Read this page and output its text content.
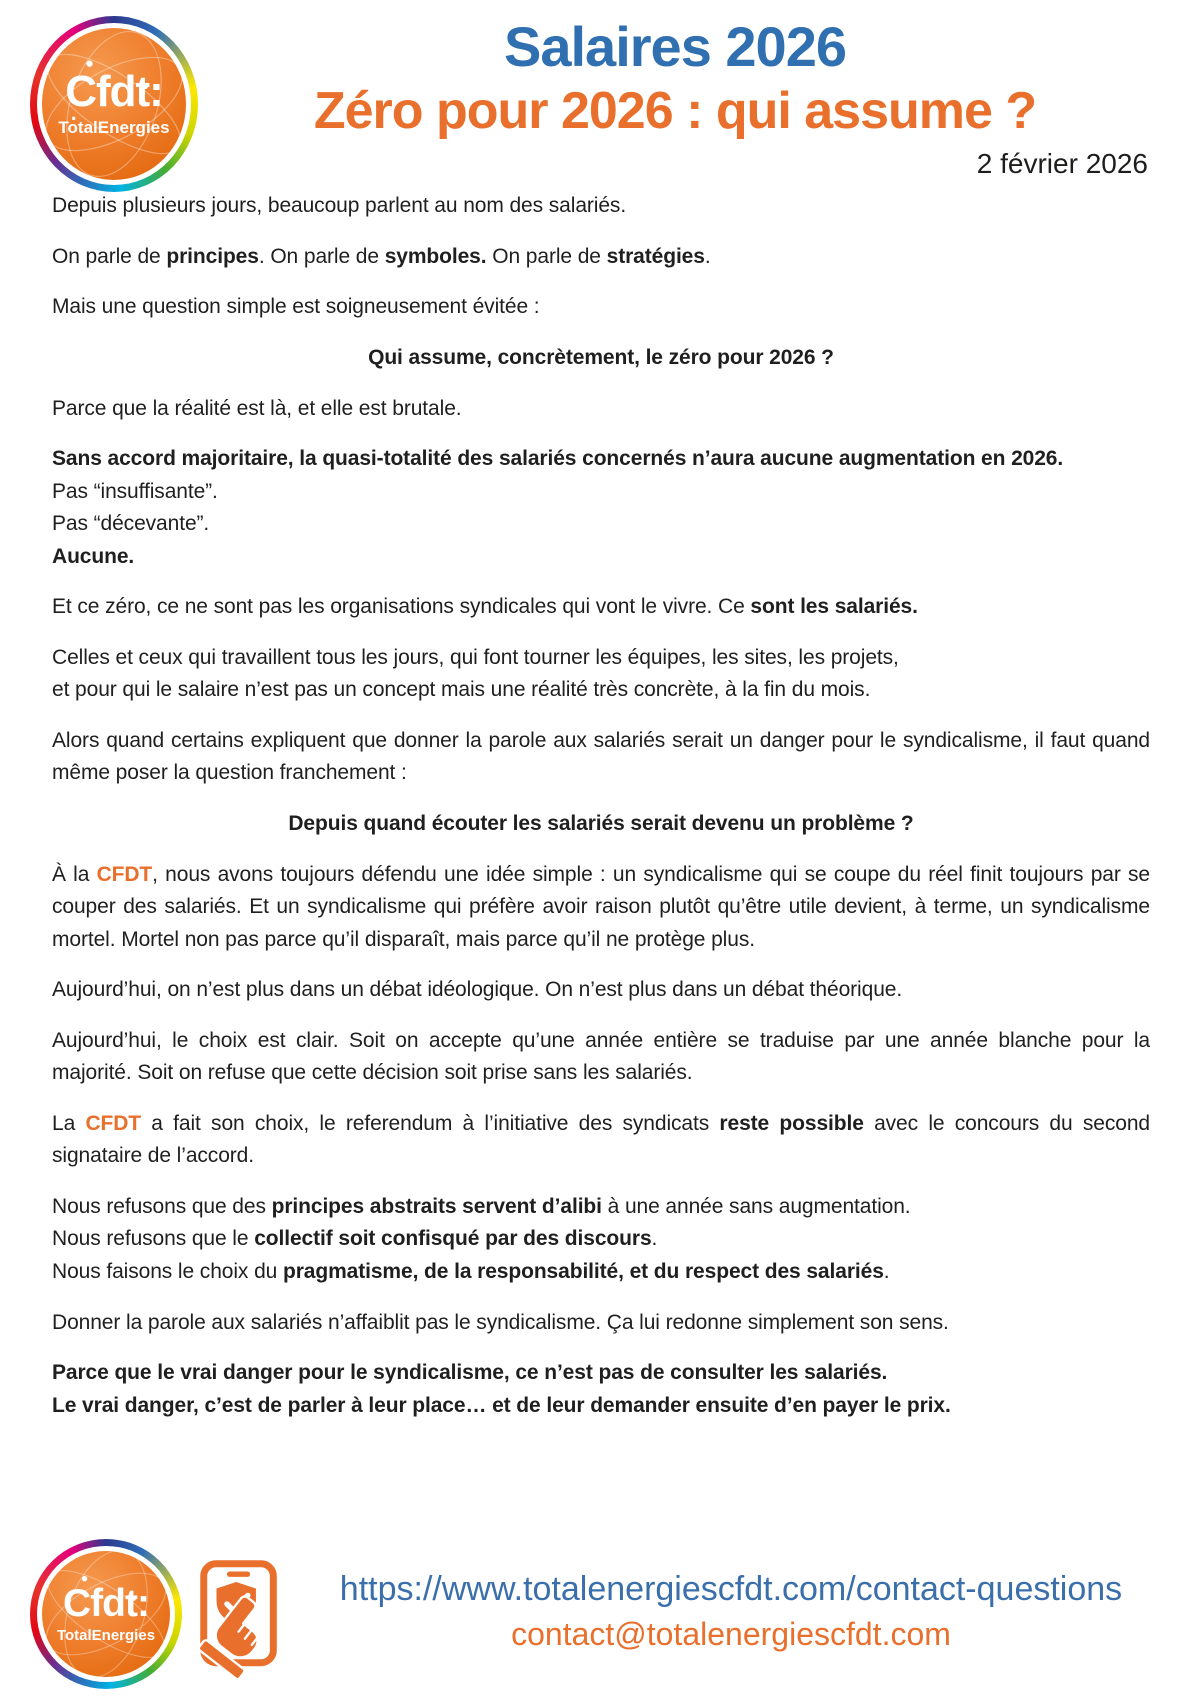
Cfdt:
TotalEnergies
Salaires 2026
Zéro pour 2026 : qui assume ?
2 février 2026

Depuis plusieurs jours, beaucoup parlent au nom des salariés.

On parle de principes. On parle de symboles. On parle de stratégies.

Mais une question simple est soigneusement évitée :

Qui assume, concrètement, le zéro pour 2026 ?

Parce que la réalité est là, et elle est brutale.

Sans accord majoritaire, la quasi-totalité des salariés concernés n’aura aucune augmentation en 2026.
Pas “insuffisante”.
Pas “décevante”.
Aucune.

Et ce zéro, ce ne sont pas les organisations syndicales qui vont le vivre. Ce sont les salariés.

Celles et ceux qui travaillent tous les jours, qui font tourner les équipes, les sites, les projets,
et pour qui le salaire n’est pas un concept mais une réalité très concrète, à la fin du mois.

Alors quand certains expliquent que donner la parole aux salariés serait un danger pour le syndicalisme, il faut quand même poser la question franchement :

Depuis quand écouter les salariés serait devenu un problème ?

À la CFDT, nous avons toujours défendu une idée simple : un syndicalisme qui se coupe du réel finit toujours par se couper des salariés. Et un syndicalisme qui préfère avoir raison plutôt qu’être utile devient, à terme, un syndicalisme mortel. Mortel non pas parce qu’il disparaît, mais parce qu’il ne protège plus.

Aujourd’hui, on n’est plus dans un débat idéologique. On n’est plus dans un débat théorique.

Aujourd’hui, le choix est clair. Soit on accepte qu’une année entière se traduise par une année blanche pour la majorité. Soit on refuse que cette décision soit prise sans les salariés.

La CFDT a fait son choix, le referendum à l’initiative des syndicats reste possible avec le concours du second signataire de l’accord.

Nous refusons que des principes abstraits servent d’alibi à une année sans augmentation.
Nous refusons que le collectif soit confisqué par des discours.
Nous faisons le choix du pragmatisme, de la responsabilité, et du respect des salariés.

Donner la parole aux salariés n’affaiblit pas le syndicalisme. Ça lui redonne simplement son sens.

Parce que le vrai danger pour le syndicalisme, ce n’est pas de consulter les salariés.
Le vrai danger, c’est de parler à leur place… et de leur demander ensuite d’en payer le prix.

Cfdt:
TotalEnergies
https://www.totalenergiescfdt.com/contact-questions
contact@totalenergiescfdt.com
